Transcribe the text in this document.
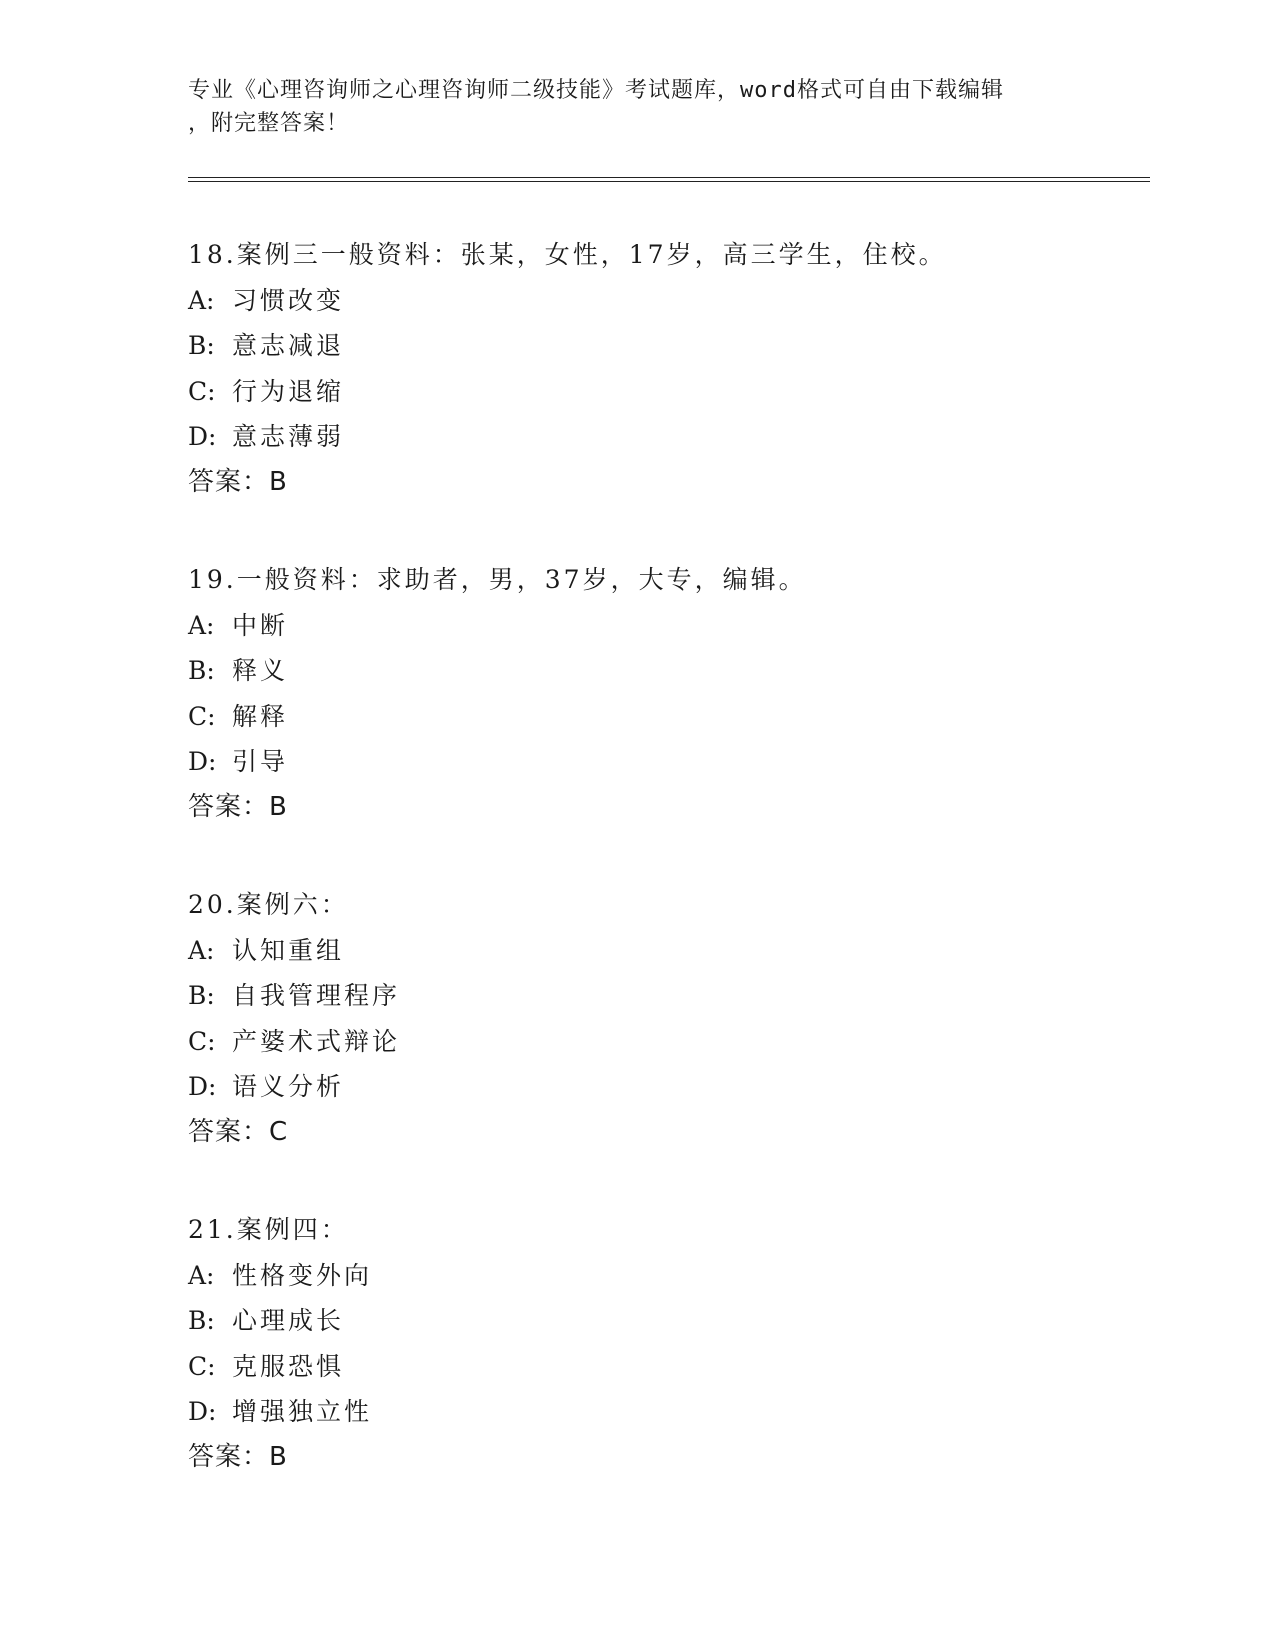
专业《心理咨询师之心理咨询师二级技能》考试题库，word格式可自由下载编辑
，附完整答案！
18.案例三一般资料：张某，女性，17岁，高三学生，住校。
A: 习惯改变
B: 意志减退
C: 行为退缩
D: 意志薄弱
答案：B
19.一般资料：求助者，男，37岁，大专，编辑。
A: 中断
B: 释义
C: 解释
D: 引导
答案：B
20.案例六：
A: 认知重组
B: 自我管理程序
C: 产婆术式辩论
D: 语义分析
答案：C
21.案例四：
A: 性格变外向
B: 心理成长
C: 克服恐惧
D: 增强独立性
答案：B
